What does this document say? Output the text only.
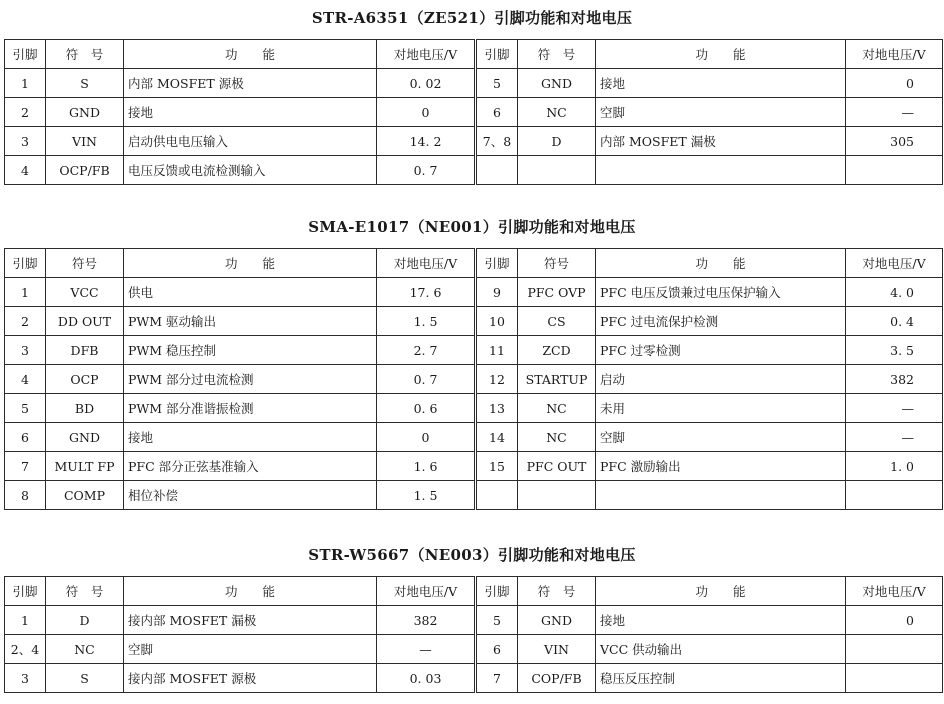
STR-A6351（ZE521）引脚功能和对地电压
引脚	符　号	功　　能	对地电压/V	引脚	符　号	功　　能	对地电压/V
1	S	内部 MOSFET 源极	0. 02	5	GND	接地	0
2	GND	接地	0	6	NC	空脚	—
3	VIN	启动供电电压输入	14. 2	7、8	D	内部 MOSFET 漏极	305
4	OCP/FB	电压反馈或电流检测输入	0. 7				
SMA-E1017（NE001）引脚功能和对地电压
引脚	符号	功　　能	对地电压/V	引脚	符号	功　　能	对地电压/V
1	VCC	供电	17. 6	9	PFC OVP	PFC 电压反馈兼过电压保护输入	4. 0
2	DD OUT	PWM 驱动输出	1. 5	10	CS	PFC 过电流保护检测	0. 4
3	DFB	PWM 稳压控制	2. 7	11	ZCD	PFC 过零检测	3. 5
4	OCP	PWM 部分过电流检测	0. 7	12	STARTUP	启动	382
5	BD	PWM 部分准谐振检测	0. 6	13	NC	未用	—
6	GND	接地	0	14	NC	空脚	—
7	MULT FP	PFC 部分正弦基准输入	1. 6	15	PFC OUT	PFC 激励输出	1. 0
8	COMP	相位补偿	1. 5				
STR-W5667（NE003）引脚功能和对地电压
引脚	符　号	功　　能	对地电压/V	引脚	符　号	功　　能	对地电压/V
1	D	接内部 MOSFET 漏极	382	5	GND	接地	0
2、4	NC	空脚	—	6	VIN	VCC 供动输出	
3	S	接内部 MOSFET 源极	0. 03	7	COP/FB	稳压反压控制	
